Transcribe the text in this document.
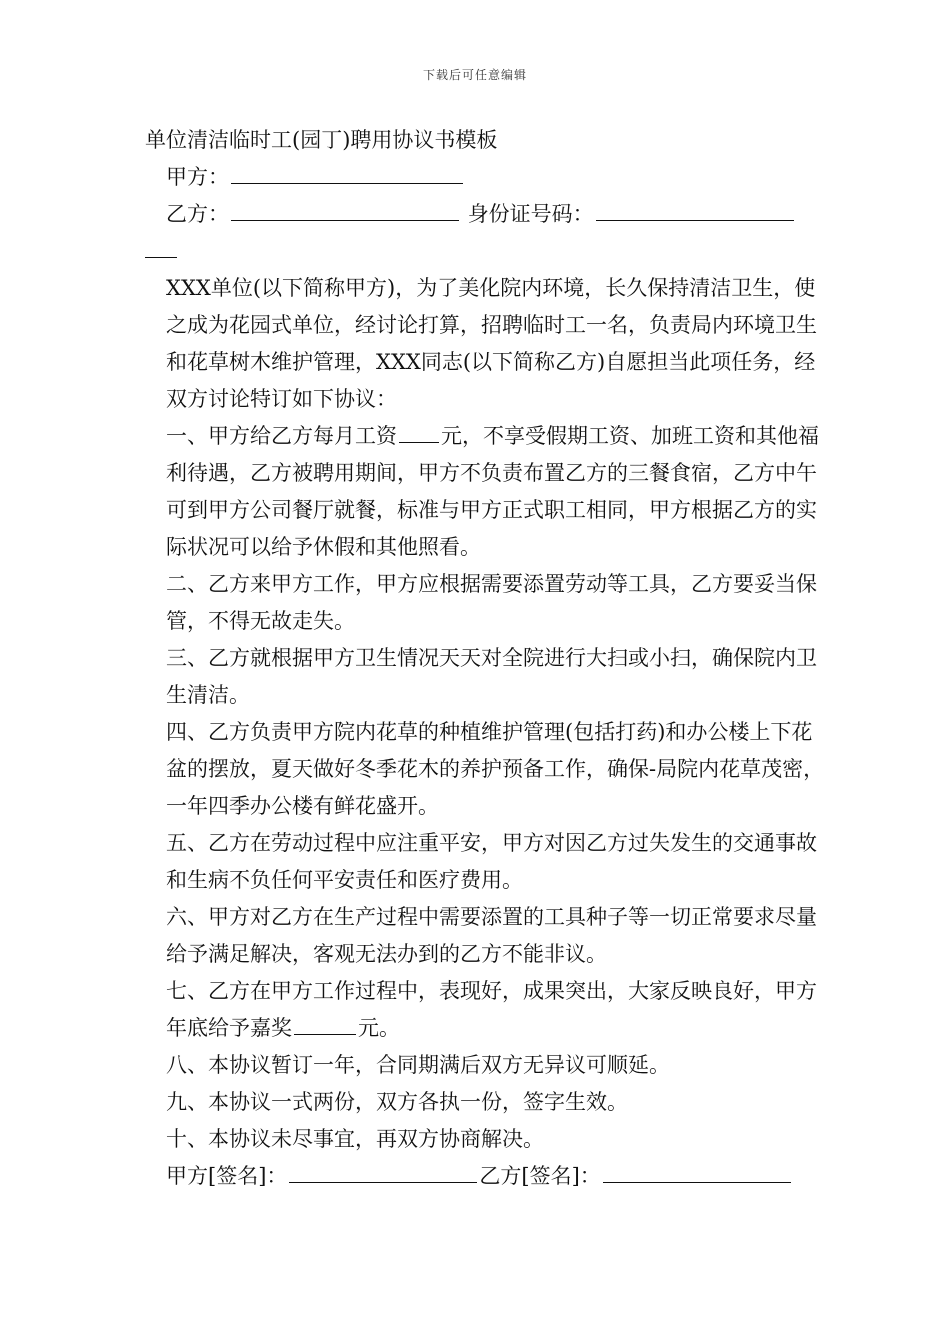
下载后可任意编辑
单位清洁临时工(园丁)聘用协议书模板
甲方：
乙方：	身份证号码：

XXX单位(以下简称甲方)，为了美化院内环境，长久保持清洁卫生，使之成为花园式单位，经讨论打算，招聘临时工一名，负责局内环境卫生和花草树木维护管理，XXX同志(以下简称乙方)自愿担当此项任务，经双方讨论特订如下协议：

一、甲方给乙方每月工资 元，不享受假期工资、加班工资和其他福利待遇，乙方被聘用期间，甲方不负责布置乙方的三餐食宿，乙方中午可到甲方公司餐厅就餐，标准与甲方正式职工相同，甲方根据乙方的实际状况可以给予休假和其他照看。

二、乙方来甲方工作，甲方应根据需要添置劳动等工具，乙方要妥当保管，不得无故走失。

三、乙方就根据甲方卫生情况天天对全院进行大扫或小扫，确保院内卫生清洁。

四、乙方负责甲方院内花草的种植维护管理(包括打药)和办公楼上下花盆的摆放，夏天做好冬季花木的养护预备工作，确保-局院内花草茂密，一年四季办公楼有鲜花盛开。

五、乙方在劳动过程中应注重平安，甲方对因乙方过失发生的交通事故和生病不负任何平安责任和医疗费用。

六、甲方对乙方在生产过程中需要添置的工具种子等一切正常要求尽量给予满足解决，客观无法办到的乙方不能非议。

七、乙方在甲方工作过程中，表现好，成果突出，大家反映良好，甲方年底给予嘉奖	元。

八、本协议暂订一年，合同期满后双方无异议可顺延。

九、本协议一式两份，双方各执一份，签字生效。

十、本协议未尽事宜，再双方协商解决。

甲方[签名]：	乙方[签名]：
